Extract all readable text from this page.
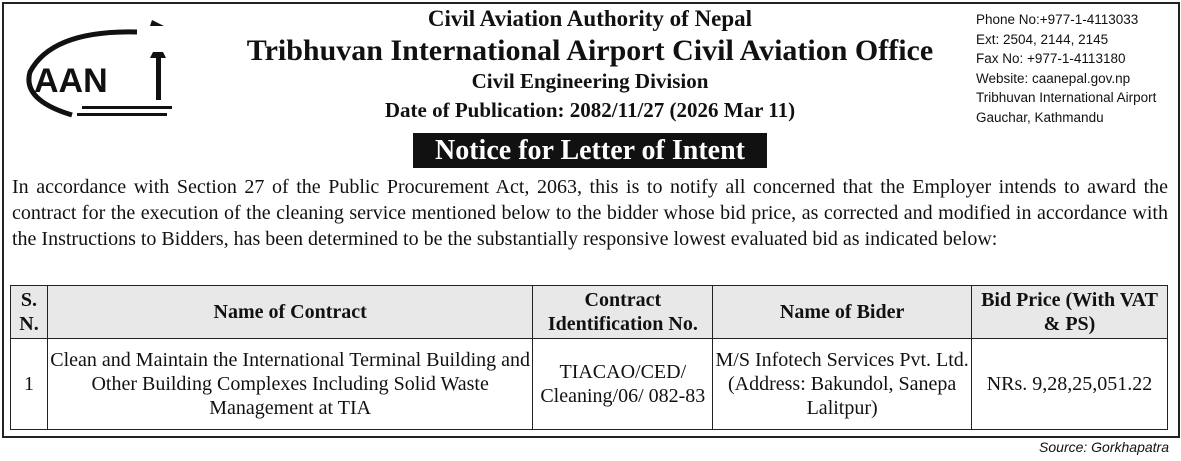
AAN
Civil Aviation Authority of Nepal
Tribhuvan International Airport Civil Aviation Office
Civil Engineering Division
Date of Publication: 2082/11/27 (2026 Mar 11)
Phone No:+977-1-4113033
Ext: 2504, 2144, 2145
Fax No: +977-1-4113180
Website: caanepal.gov.np
Tribhuvan International Airport
Gauchar, Kathmandu
Notice for Letter of Intent
In accordance with Section 27 of the Public Procurement Act, 2063, this is to notify all concerned that the Employer intends to award the contract for the execution of the cleaning service mentioned below to the bidder whose bid price, as corrected and modified in accordance with the Instructions to Bidders, has been determined to be the substantially responsive lowest evaluated bid as indicated below:
S. N.	Name of Contract	Contract Identification No.	Name of Bider	Bid Price (With VAT & PS)
1	Clean and Maintain the International Terminal Building and Other Building Complexes Including Solid Waste Management at TIA	TIACAO/CED/ Cleaning/06/ 082-83	M/S Infotech Services Pvt. Ltd. (Address: Bakundol, Sanepa Lalitpur)	NRs. 9,28,25,051.22
Source: Gorkhapatra
